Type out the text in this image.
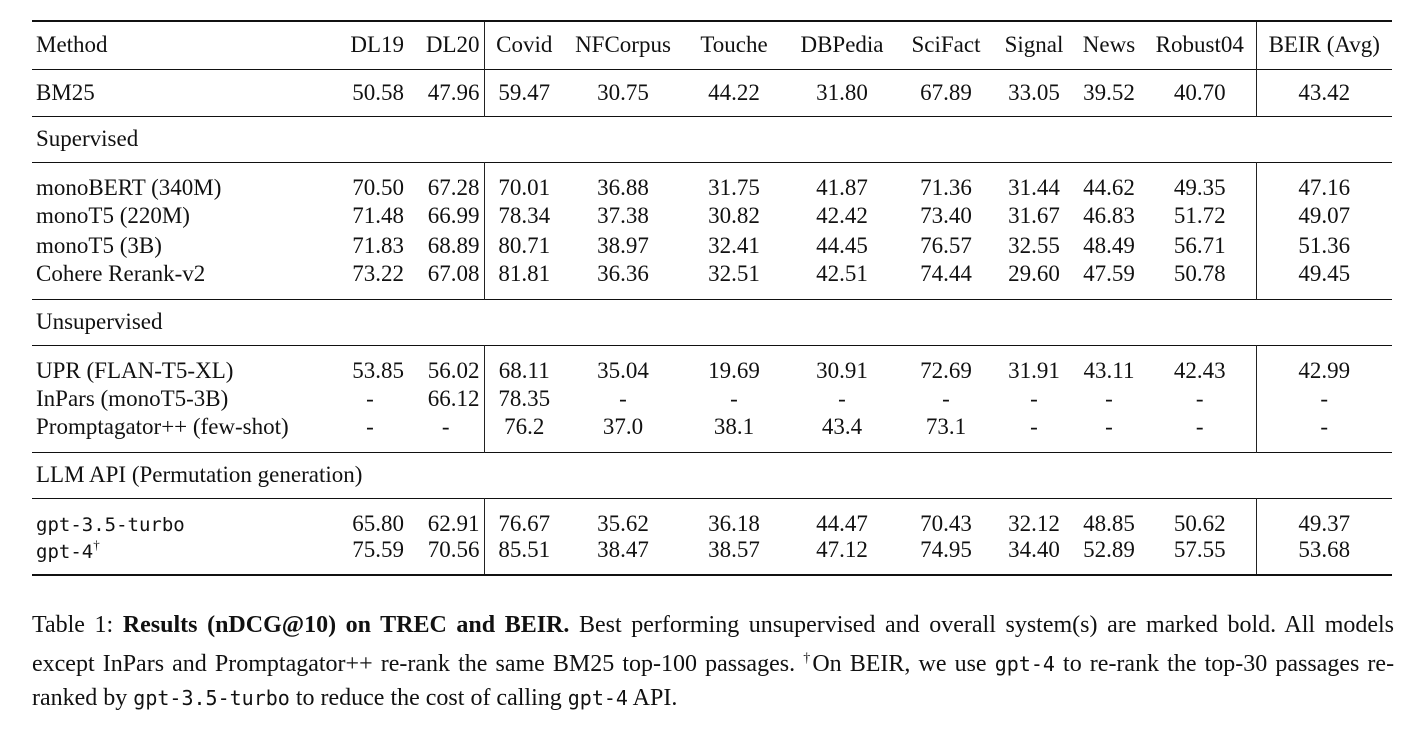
Method	DL19	DL20	Covid	NFCorpus	Touche	DBPedia	SciFact	Signal	News	Robust04	BEIR (Avg)
BM25	50.58	47.96	59.47	30.75	44.22	31.80	67.89	33.05	39.52	40.70	43.42
Supervised											
monoBERT (340M)	70.50	67.28	70.01	36.88	31.75	41.87	71.36	31.44	44.62	49.35	47.16
monoT5 (220M)	71.48	66.99	78.34	37.38	30.82	42.42	73.40	31.67	46.83	51.72	49.07
monoT5 (3B)	71.83	68.89	80.71	38.97	32.41	44.45	76.57	32.55	48.49	56.71	51.36
Cohere Rerank-v2	73.22	67.08	81.81	36.36	32.51	42.51	74.44	29.60	47.59	50.78	49.45
Unsupervised											
UPR (FLAN-T5-XL)	53.85	56.02	68.11	35.04	19.69	30.91	72.69	31.91	43.11	42.43	42.99
InPars (monoT5-3B)	-	66.12	78.35	-	-	-	-	-	-	-	-
Promptagator++ (few-shot)	-	-	76.2	37.0	38.1	43.4	73.1	-	-	-	-
LLM API (Permutation generation)											
gpt-3.5-turbo	65.80	62.91	76.67	35.62	36.18	44.47	70.43	32.12	48.85	50.62	49.37
gpt-4†	75.59	70.56	85.51	38.47	38.57	47.12	74.95	34.40	52.89	57.55	53.68

Table 1: Results (nDCG@10) on TREC and BEIR. Best performing unsupervised and overall system(s) are marked bold. All models except InPars and Promptagator++ re-rank the same BM25 top-100 passages. †On BEIR, we use gpt-4 to re-rank the top-30 passages re-ranked by gpt-3.5-turbo to reduce the cost of calling gpt-4 API.
